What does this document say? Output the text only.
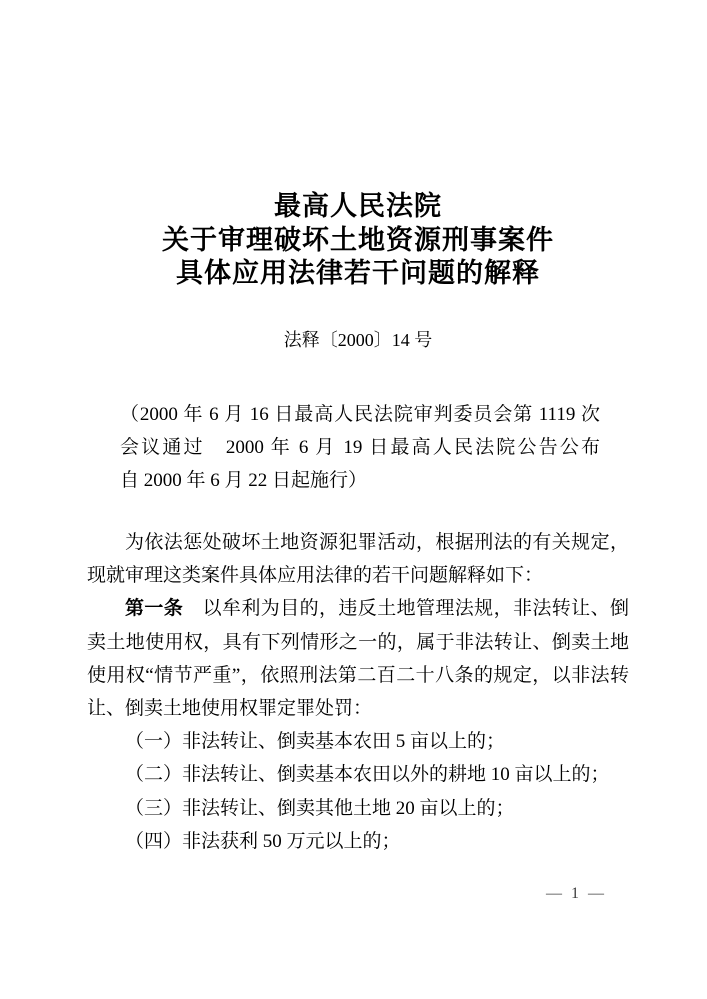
最高人民法院
关于审理破坏土地资源刑事案件
具体应用法律若干问题的解释
法释〔2000〕14 号
（2000 年 6 月 16 日最高人民法院审判委员会第 1119 次
会议通过　2000 年 6 月 19 日最高人民法院公告公布
自 2000 年 6 月 22 日起施行）
为依法惩处破坏土地资源犯罪活动，根据刑法的有关规定，
现就审理这类案件具体应用法律的若干问题解释如下：
第一条　以牟利为目的，违反土地管理法规，非法转让、倒
卖土地使用权，具有下列情形之一的，属于非法转让、倒卖土地
使用权“情节严重”，依照刑法第二百二十八条的规定，以非法转
让、倒卖土地使用权罪定罪处罚：
（一）非法转让、倒卖基本农田 5 亩以上的；
（二）非法转让、倒卖基本农田以外的耕地 10 亩以上的；
（三）非法转让、倒卖其他土地 20 亩以上的；
（四）非法获利 50 万元以上的；
— 1 —
